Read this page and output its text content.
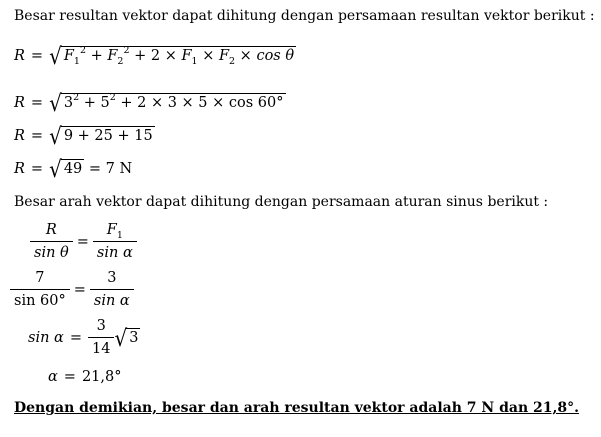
Besar resultan vektor dapat dihitung dengan persamaan resultan vektor berikut :
R = √ $F_1^2 + F_2^2 + 2 \times F_1 \times F_2 \times \cos \theta$
R = √ $3^2 + 5^2 + 2 \times 3 \times 5 \times \cos 60^\circ$
R = √ 9 + 25 + 15
R = √ 49 = 7 N
Besar arah vektor dapat dihitung dengan persamaan aturan sinus berikut :
$\frac{R}{\text{sin θ}} = \frac{F_1}{\text{sin α}}$
$\frac{7}{\sin 60^\circ} = \frac{3}{\text{sin α}}$
$\sin \alpha = \frac{3}{14}$ √ 3
α = 21,8°
Dengan demikian, besar dan arah resultan vektor adalah 7 N dan 21,8°.
